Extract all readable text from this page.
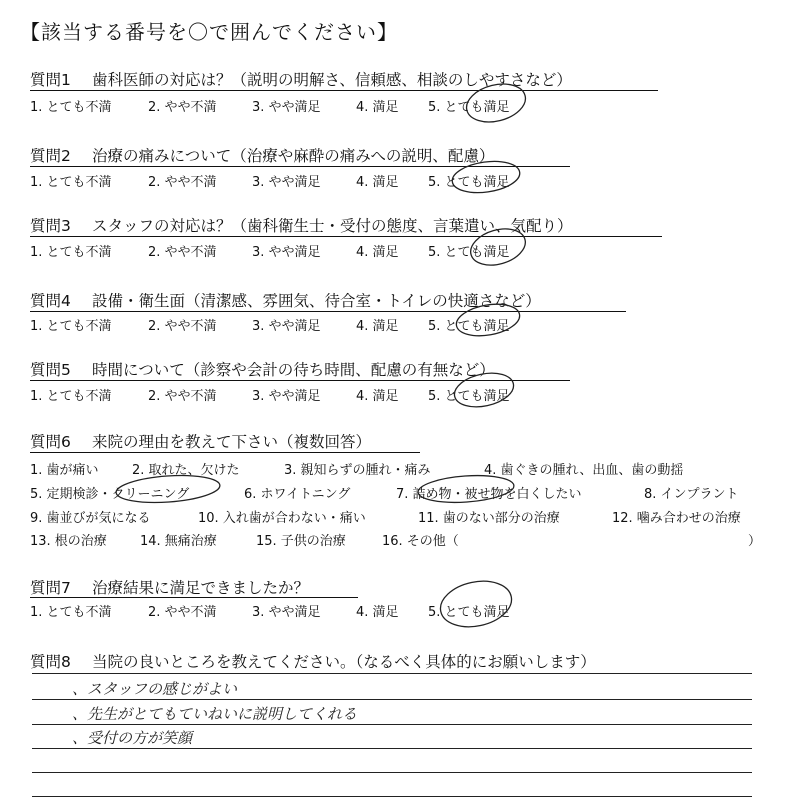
【該当する番号を〇で囲んでください】
質問1 歯科医師の対応は？（説明の明解さ、信頼感、相談のしやすさなど）
1. とても不満	2. やや不満	3. やや満足	4. 満足 5. とても満足
質問2 治療の痛みについて（治療や麻酔の痛みへの説明、配慮）
1. とても不満	2. やや不満	3. やや満足	4. 満足 5. とても満足
質問3 スタッフの対応は？（歯科衛生士・受付の態度、言葉遣い、気配り）
1. とても不満	2. やや不満	3. やや満足	4. 満足 5. とても満足
質問4 設備・衛生面（清潔感、雰囲気、待合室・トイレの快適さなど）
1. とても不満	2. やや不満	3. やや満足	4. 満足 5. とても満足
質問5 時間について（診察や会計の待ち時間、配慮の有無など）
1. とても不満	2. やや不満	3. やや満足	4. 満足 5. とても満足
質問6 来院の理由を教えて下さい（複数回答）
1. 歯が痛い	2. 取れた、欠けた	3. 親知らずの腫れ・痛み	4. 歯ぐきの腫れ、出血、歯の動揺
5. 定期検診・クリーニング	6. ホワイトニング	7. 詰め物・被せ物を白くしたい	8. インプラント
9. 歯並びが気になる	10. 入れ歯が合わない・痛い	11. 歯のない部分の治療	12. 噛み合わせの治療
13. 根の治療	14. 無痛治療	15. 子供の治療	16. その他（	）
質問7 治療結果に満足できましたか？
1. とても不満	2. やや不満	3. やや満足	4. 満足 5. とても満足
質問8 当院の良いところを教えてください。（なるべく具体的にお願いします）
、スタッフの感じがよい
、先生がとてもていねいに説明してくれる
、受付の方が笑顔
